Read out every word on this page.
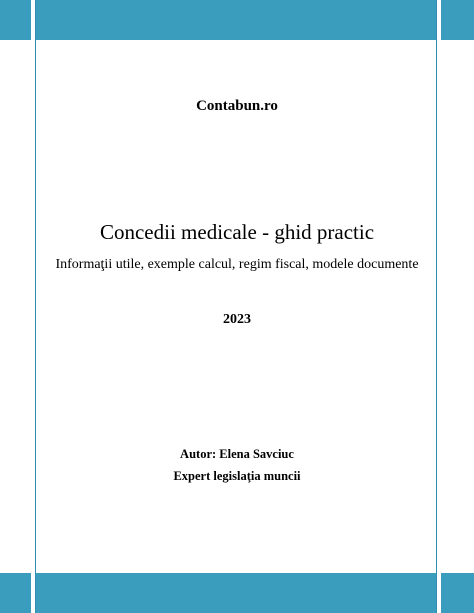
Contabun.ro
Concedii medicale - ghid practic
Informaţii utile, exemple calcul, regim fiscal, modele documente
2023
Autor: Elena Savciuc
Expert legislaţia muncii
